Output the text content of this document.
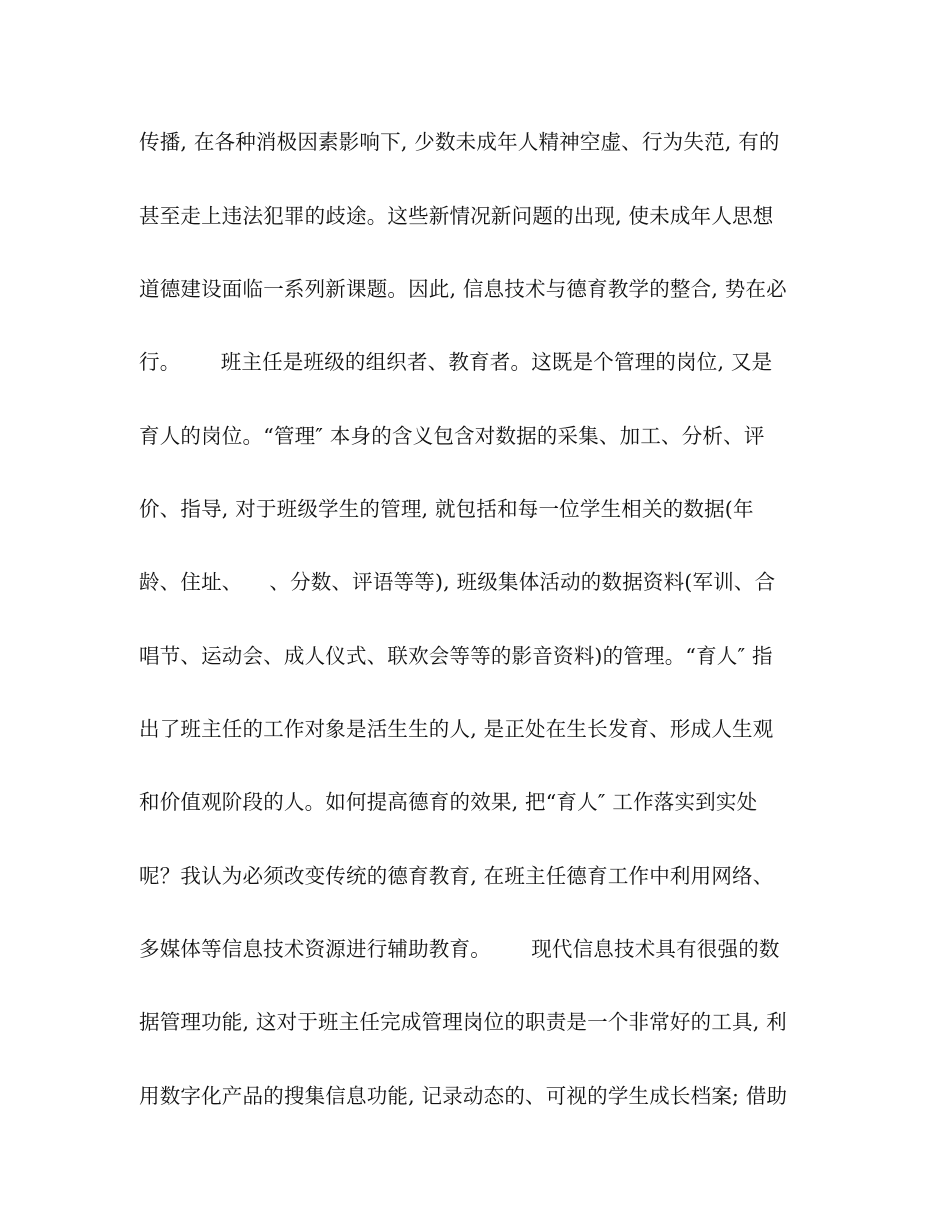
传播, 在各种消极因素影响下, 少数未成年人精神空虚、行为失范, 有的
甚至走上违法犯罪的歧途。这些新情况新问题的出现, 使未成年人思想
道德建设面临一系列新课题。因此, 信息技术与德育教学的整合, 势在必
行。      班主任是班级的组织者、教育者。这既是个管理的岗位, 又是
育人的岗位。“管理″ 本身的含义包含对数据的采集、加工、分析、评
价、指导, 对于班级学生的管理, 就包括和每一位学生相关的数据(年
龄、住址、    、分数、评语等等), 班级集体活动的数据资料(军训、合
唱节、运动会、成人仪式、联欢会等等的影音资料)的管理。“育人″ 指
出了班主任的工作对象是活生生的人, 是正处在生长发育、形成人生观
和价值观阶段的人。如何提高德育的效果, 把“育人″ 工作落实到实处
呢？我认为必须改变传统的德育教育, 在班主任德育工作中利用网络、
多媒体等信息技术资源进行辅助教育。      现代信息技术具有很强的数
据管理功能, 这对于班主任完成管理岗位的职责是一个非常好的工具, 利
用数字化产品的搜集信息功能, 记录动态的、可视的学生成长档案; 借助
